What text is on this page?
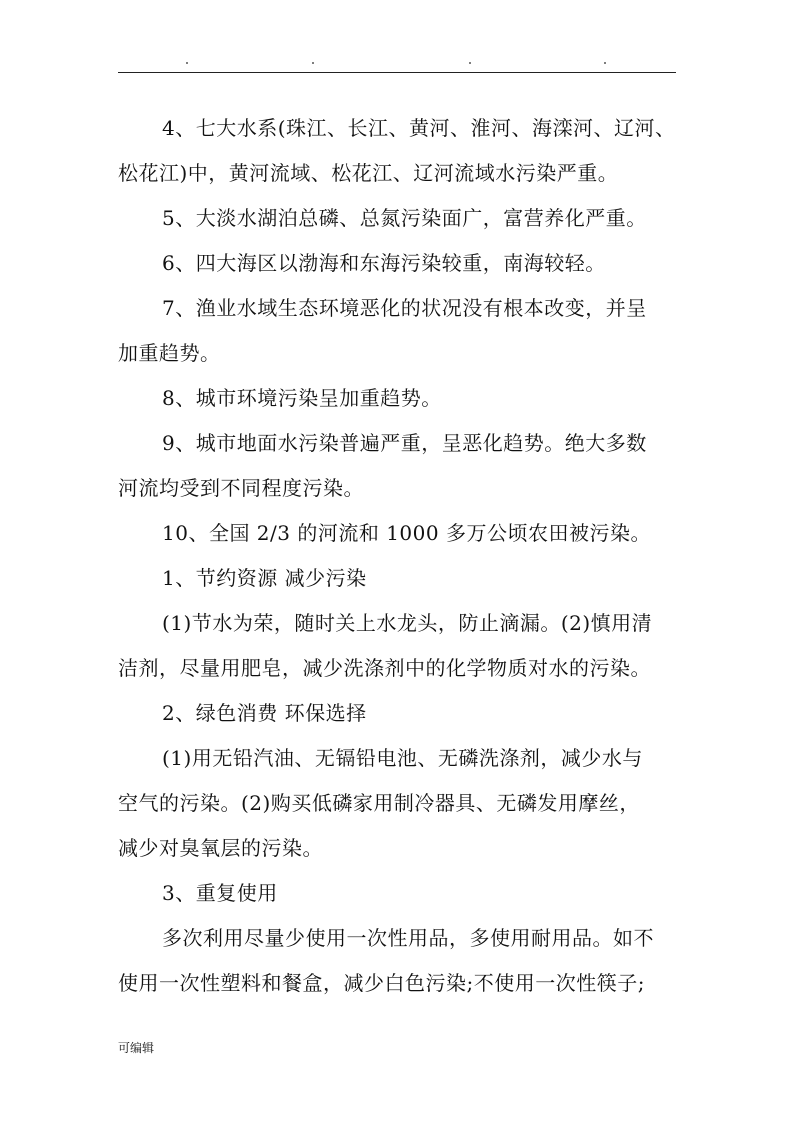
4、七大水系(珠江、长江、黄河、淮河、海滦河、辽河、
松花江)中，黄河流域、松花江、辽河流域水污染严重。
5、大淡水湖泊总磷、总氮污染面广，富营养化严重。
6、四大海区以渤海和东海污染较重，南海较轻。
7、渔业水域生态环境恶化的状况没有根本改变，并呈
加重趋势。
8、城市环境污染呈加重趋势。
9、城市地面水污染普遍严重，呈恶化趋势。绝大多数
河流均受到不同程度污染。
10、全国 2/3 的河流和 1000 多万公顷农田被污染。
1、节约资源 减少污染
(1)节水为荣，随时关上水龙头，防止滴漏。(2)慎用清
洁剂，尽量用肥皂，减少洗涤剂中的化学物质对水的污染。
2、绿色消费 环保选择
(1)用无铅汽油、无镉铅电池、无磷洗涤剂，减少水与
空气的污染。(2)购买低磷家用制冷器具、无磷发用摩丝，
减少对臭氧层的污染。
3、重复使用
多次利用尽量少使用一次性用品，多使用耐用品。如不
使用一次性塑料和餐盒，减少白色污染;不使用一次性筷子;
可编辑
